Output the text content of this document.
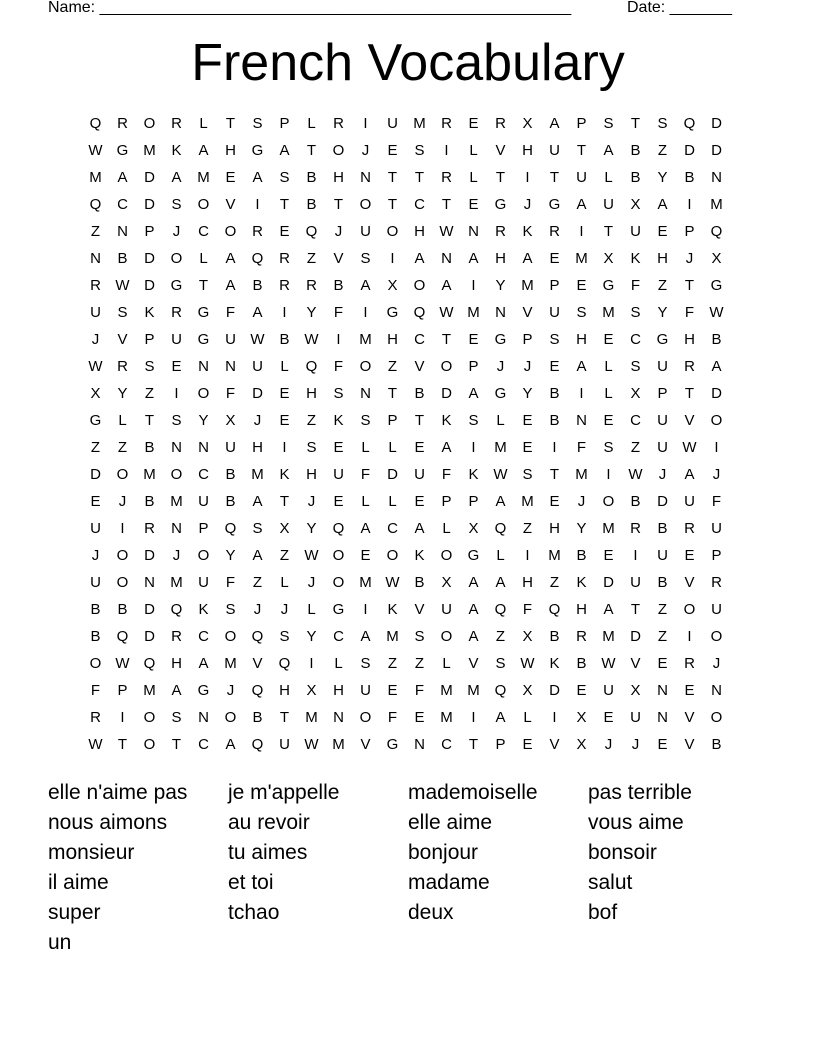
Name: _____________________________________________________	Date: _______
French Vocabulary
Q	R	O	R	L	T	S	P	L	R	I	U	M	R	E	R	X	A	P	S	T	S	Q	D
W G M	K	A	H	G	A	T	O	J	E	S	I	L	V	H	U	T	A	B	Z	D	D
M	A	D	A	M	E	A	S	B	H	N	T	T	R	L	T	I	T	U	L	B	Y	B	N
Q	C	D	S	O	V	I	T	B	T	O	T	C	T	E	G	J	G	A	U	X	A	I	M
Z	N	P	J	C	O	R	E	Q	J	U	O	H W N	R	K	R	I	T	U	E	P	Q
N	B	D	O	L	A	Q	R	Z	V	S	I	A	N	A	H	A	E	M	X	K	H	J	X
R W D	G	T	A	B	R	R	B	A	X	O	A	I	Y	M	P	E	G	F	Z	T	G
U	S	K	R	G	F	A	I	Y	F	I	G	Q W M	N	V	U	S	M	S	Y	F	W
J	V	P	U	G	U W B W	I	M	H	C	T	E	G	P	S	H	E	C	G	H	B
W R	S	E	N	N	U	L	Q	F	O	Z	V	O	P	J	J	E	A	L	S	U	R	A
X	Y	Z	I	O	F	D	E	H	S	N	T	B	D	A	G	Y	B	I	L	X	P	T	D
G	L	T	S	Y	X	J	E	Z	K	S	P	T	K	S	L	E	B	N	E	C	U	V	O
Z	Z	B	N	N	U	H	I	S	E	L	L	E	A	I	M	E	I	F	S	Z	U W	I
D	O M O	C	B	M	K	H	U	F	D	U	F	K W S	T	M	I	W	J	A	J
E	J	B	M	U	B	A	T	J	E	L	L	E	P	P	A	M	E	J	O	B	D	U	F
U	I	R	N	P	Q	S	X	Y	Q	A	C	A	L	X	Q	Z	H	Y	M	R	B	R	U
J	O	D	J	O	Y	A	Z	W O	E	O	K	O	G	L	I	M	B	E	I	U	E	P
U	O	N	M	U	F	Z	L	J	O M W B	X	A	A	H	Z	K	D	U	B	V	R
B	B	D	Q	K	S	J	J	L	G	I	K	V	U	A	Q	F	Q	H	A	T	Z	O	U
B	Q	D	R	C	O	Q	S	Y	C	A	M	S	O	A	Z	X	B	R	M	D	Z	I	O
O W Q	H	A	M	V	Q	I	L	S	Z	Z	L	V	S W K	B W V	E	R	J
F	P	M	A	G	J	Q	H	X	H	U	E	F	M M Q	X	D	E	U	X	N	E	N
R	I	O	S	N	O	B	T	M	N	O	F	E	M	I	A	L	I	X	E	U	N	V	O
W	T	O	T	C	A	Q	U W M	V	G	N	C	T	P	E	V	X	J	J	E	V	B
elle n'aime pas	je m'appelle	mademoiselle	pas terrible
nous aimons	au revoir	elle aime	vous aime
monsieur	tu aimes	bonjour	bonsoir
il aime	et toi	madame	salut
super	tchao	deux	bof
un
